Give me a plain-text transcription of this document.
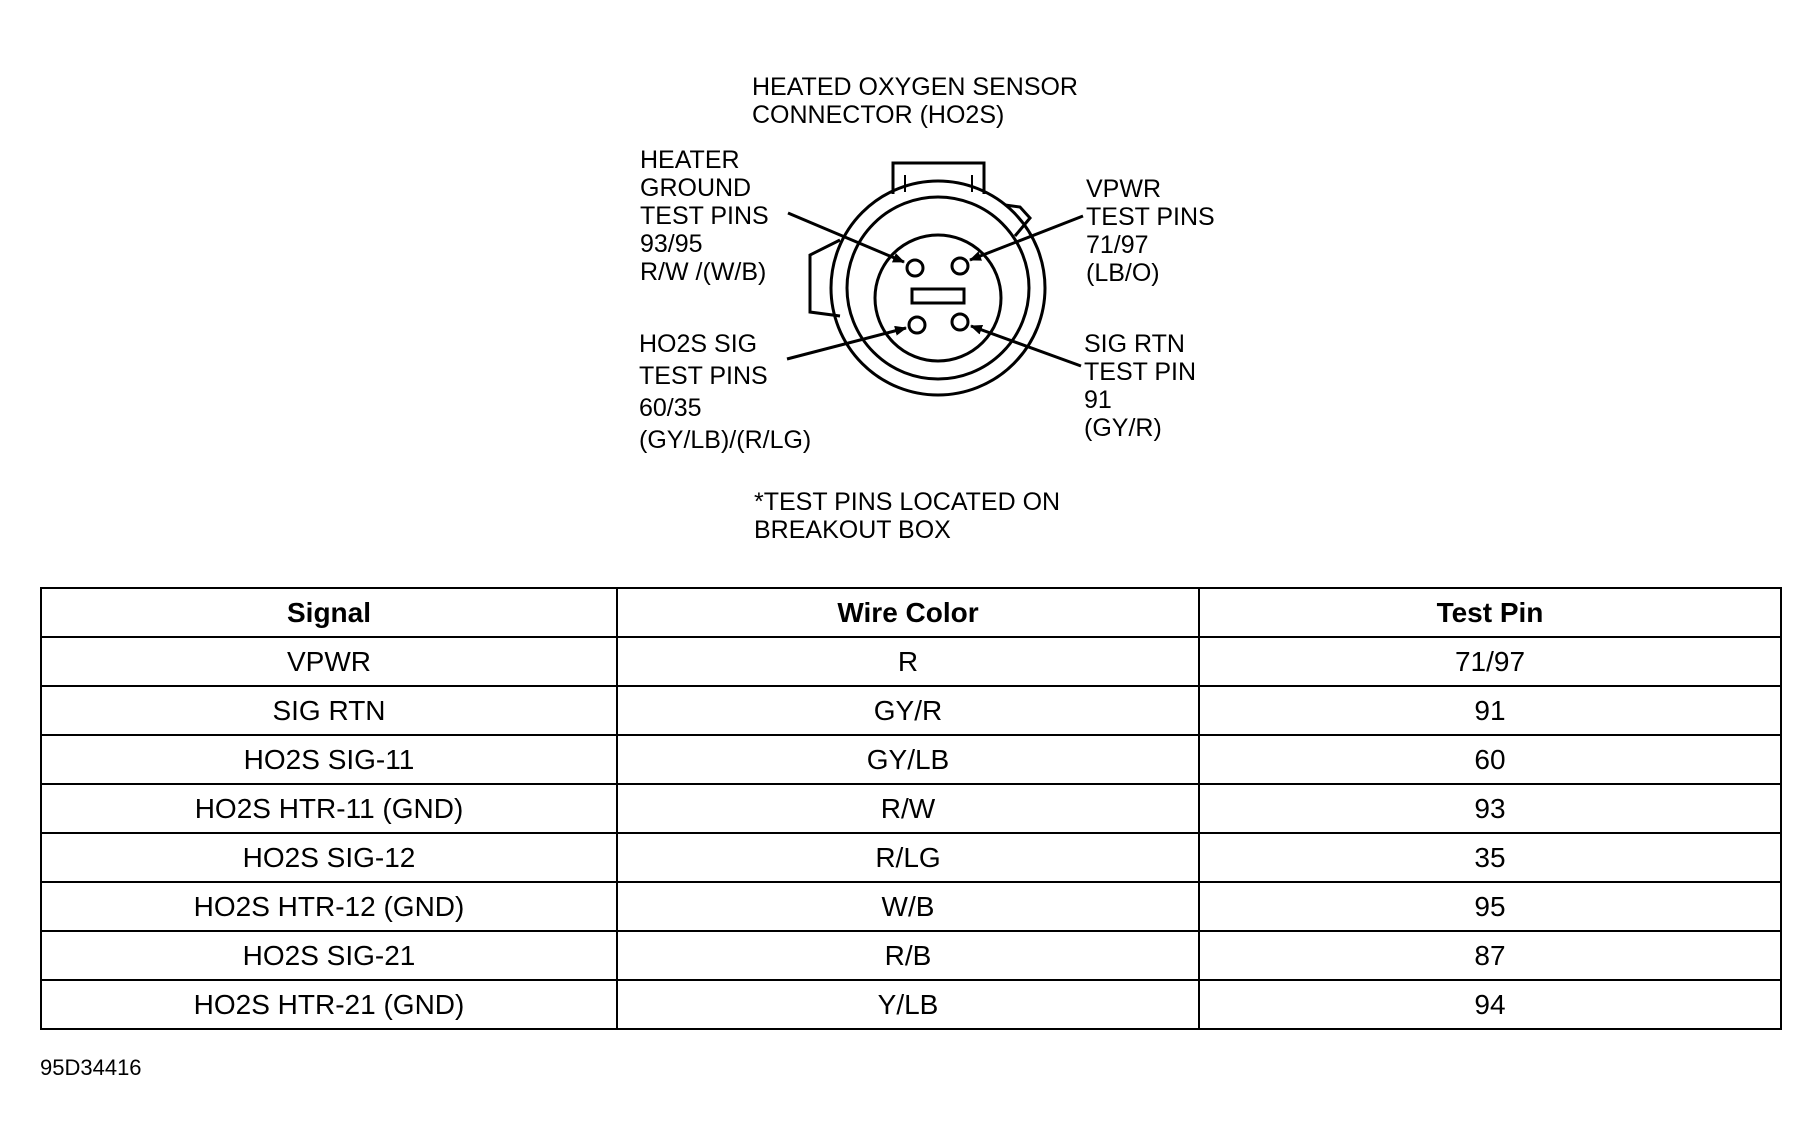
HEATED OXYGEN SENSOR
CONNECTOR (HO2S)
HEATER
GROUND
TEST PINS
93/95
R/W /(W/B)
VPWR
TEST PINS
71/97
(LB/O)
HO2S SIG
TEST PINS
60/35
(GY/LB)/(R/LG)
SIG RTN
TEST PIN
91
(GY/R)
*TEST PINS LOCATED ON
BREAKOUT BOX
Signal	Wire Color	Test Pin
VPWR	R	71/97
SIG RTN	GY/R	91
HO2S SIG-11	GY/LB	60
HO2S HTR-11 (GND)	R/W	93
HO2S SIG-12	R/LG	35
HO2S HTR-12 (GND)	W/B	95
HO2S SIG-21	R/B	87
HO2S HTR-21 (GND)	Y/LB	94
95D34416
